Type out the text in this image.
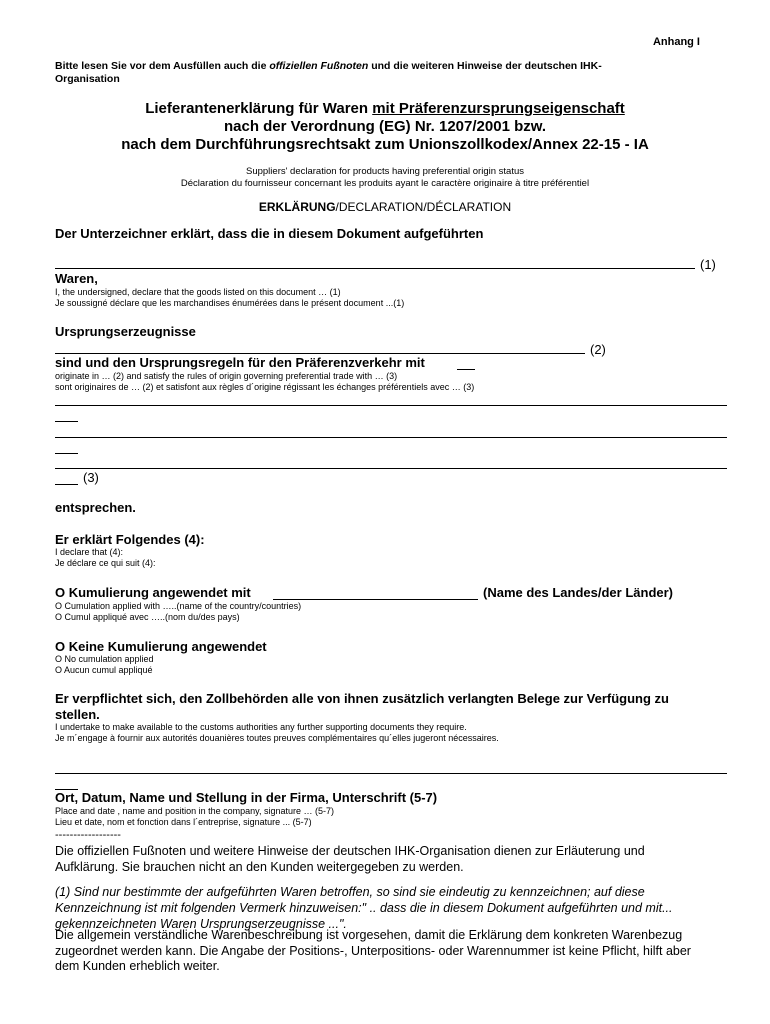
Anhang I
Bitte lesen Sie vor dem Ausfüllen auch die offiziellen Fußnoten und die weiteren Hinweise der deutschen IHK-
Organisation
Lieferantenerklärung für Waren mit Präferenzursprungseigenschaft
nach der Verordnung (EG) Nr. 1207/2001 bzw.
nach dem Durchführungsrechtsakt zum Unionszollkodex/Annex 22-15 - IA
Suppliers' declaration for products having preferential origin status
Déclaration du fournisseur concernant les produits ayant le caractère originaire à titre préférentiel
ERKLÄRUNG/DECLARATION/DÉCLARATION
Der Unterzeichner erklärt, dass die in diesem Dokument aufgeführten
(1)
Waren,
I, the undersigned, declare that the goods listed on this document … (1)
Je soussigné déclare que les marchandises énumérées dans le présent document ...(1)
Ursprungserzeugnisse
(2)
sind und den Ursprungsregeln für den Präferenzverkehr mit
originate in … (2) and satisfy the rules of origin governing preferential trade with … (3)
sont originaires de … (2) et satisfont aux règles d´origine régissant les échanges préférentiels avec … (3)
(3)
entsprechen.
Er erklärt Folgendes (4):
I declare that (4):
Je déclare ce qui suit (4):
O Kumulierung angewendet mit	(Name des Landes/der Länder)
O Cumulation applied with …..(name of the country/countries)
O Cumul appliqué avec …..(nom du/des pays)
O Keine Kumulierung angewendet
O No cumulation applied
O Aucun cumul appliqué
Er verpflichtet sich, den Zollbehörden alle von ihnen zusätzlich verlangten Belege zur Verfügung zu
stellen.
I undertake to make available to the customs authorities any further supporting documents they require.
Je m´engage à fournir aux autorités douanières toutes preuves complémentaires qu´elles jugeront nécessaires.
Ort, Datum, Name und Stellung in der Firma, Unterschrift (5-7)
Place and date , name and position in the company, signature … (5-7)
Lieu et date, nom et fonction dans l´entreprise, signature ... (5-7)
------------------
Die offiziellen Fußnoten und weitere Hinweise der deutschen IHK-Organisation dienen zur Erläuterung und
Aufklärung. Sie brauchen nicht an den Kunden weitergegeben zu werden.
(1) Sind nur bestimmte der aufgeführten Waren betroffen, so sind sie eindeutig zu kennzeichnen; auf diese
Kennzeichnung ist mit folgenden Vermerk hinzuweisen:" .. dass die in diesem Dokument aufgeführten und mit...
gekennzeichneten Waren Ursprungserzeugnisse ...".
Die allgemein verständliche Warenbeschreibung ist vorgesehen, damit die Erklärung dem konkreten Warenbezug
zugeordnet werden kann. Die Angabe der Positions-, Unterpositions- oder Warennummer ist keine Pflicht, hilft aber
dem Kunden erheblich weiter.
